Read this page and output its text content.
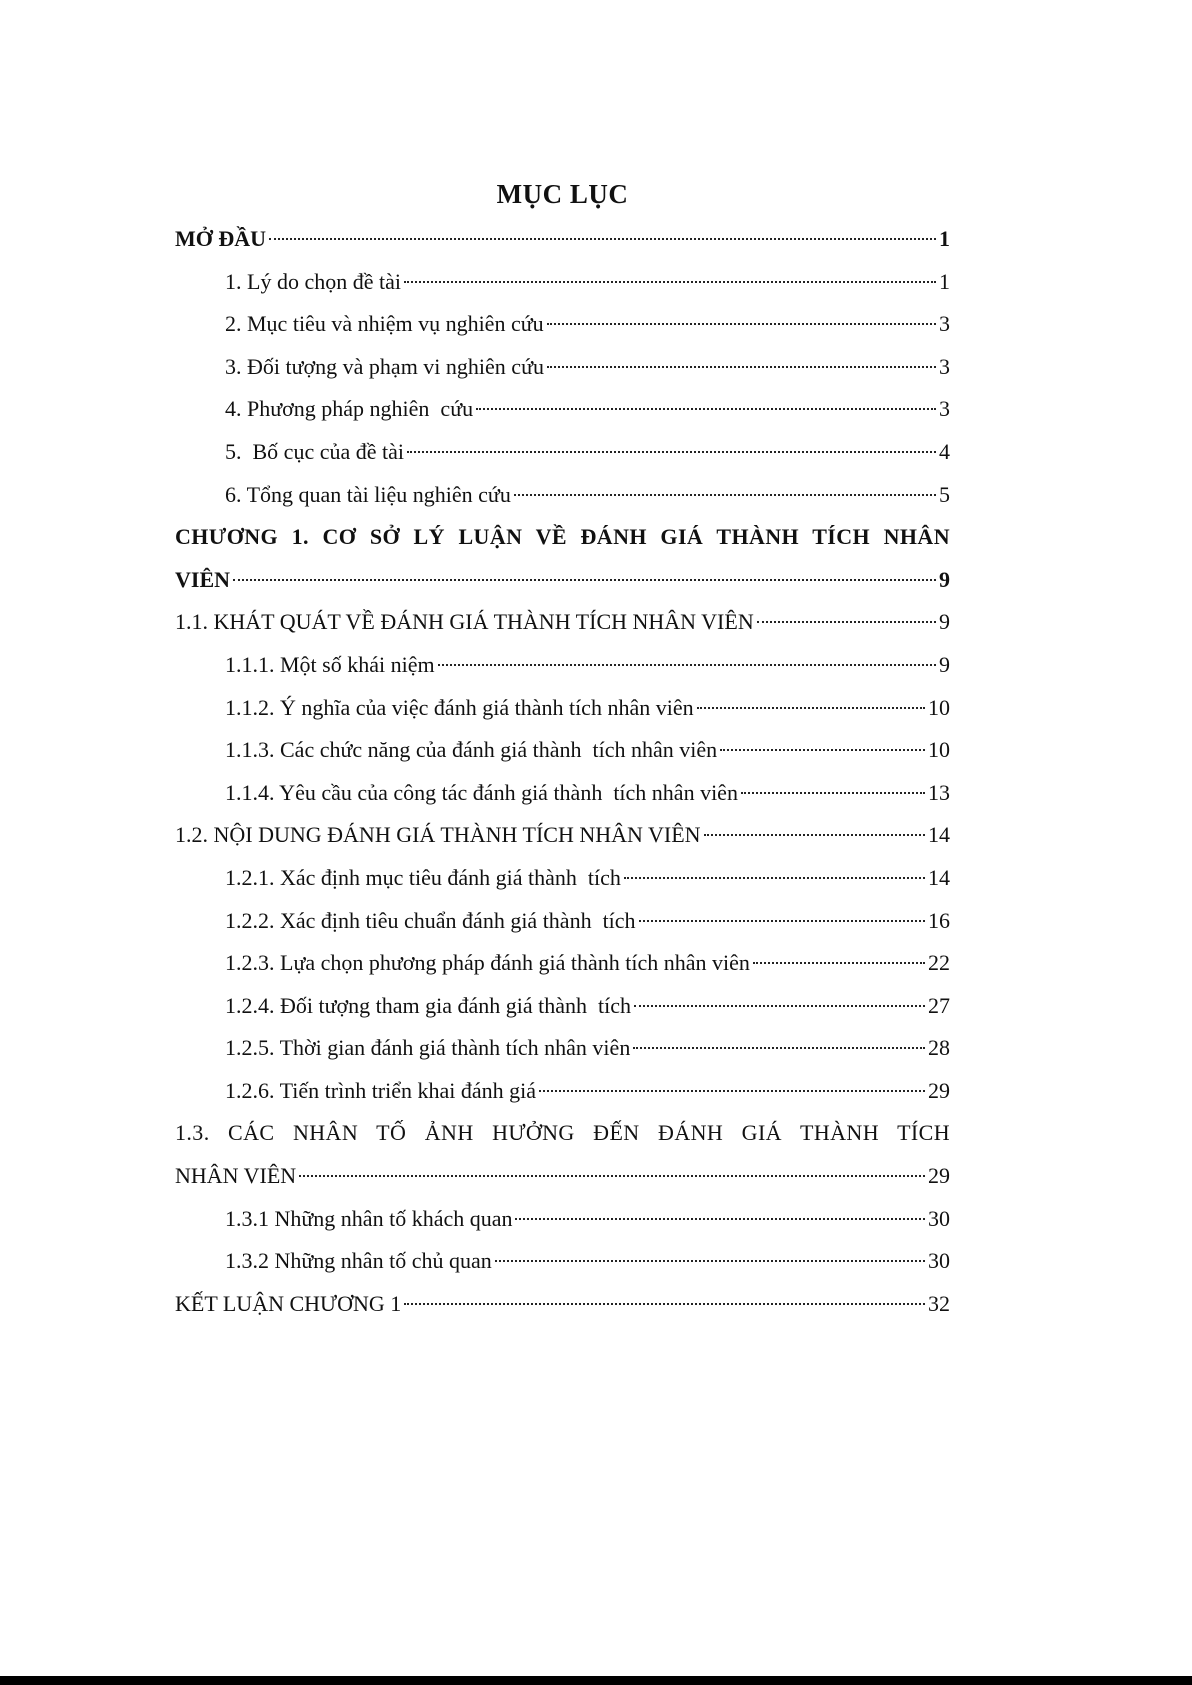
MỤC LỤC
MỞ ĐẦU	1
1. Lý do chọn đề tài	1
2. Mục tiêu và nhiệm vụ nghiên cứu	3
3. Đối tượng và phạm vi nghiên cứu	3
4. Phương pháp nghiên  cứu	3
5.  Bố cục của đề tài	4
6. Tổng quan tài liệu nghiên cứu	5
CHƯƠNG 1. CƠ SỞ LÝ LUẬN VỀ ĐÁNH GIÁ THÀNH TÍCH NHÂN
VIÊN	9
1.1. KHÁT QUÁT VỀ ĐÁNH GIÁ THÀNH TÍCH NHÂN VIÊN	9
1.1.1. Một số khái niệm	9
1.1.2. Ý nghĩa của việc đánh giá thành tích nhân viên	10
1.1.3. Các chức năng của đánh giá thành  tích nhân viên	10
1.1.4. Yêu cầu của công tác đánh giá thành  tích nhân viên	13
1.2. NỘI DUNG ĐÁNH GIÁ THÀNH TÍCH NHÂN VIÊN	14
1.2.1. Xác định mục tiêu đánh giá thành  tích	14
1.2.2. Xác định tiêu chuẩn đánh giá thành  tích	16
1.2.3. Lựa chọn phương pháp đánh giá thành tích nhân viên	22
1.2.4. Đối tượng tham gia đánh giá thành  tích	27
1.2.5. Thời gian đánh giá thành tích nhân viên	28
1.2.6. Tiến trình triển khai đánh giá	29
1.3. CÁC NHÂN TỐ ẢNH HƯỞNG ĐẾN ĐÁNH GIÁ THÀNH TÍCH
NHÂN VIÊN	29
1.3.1 Những nhân tố khách quan	30
1.3.2 Những nhân tố chủ quan	30
KẾT LUẬN CHƯƠNG 1	32
